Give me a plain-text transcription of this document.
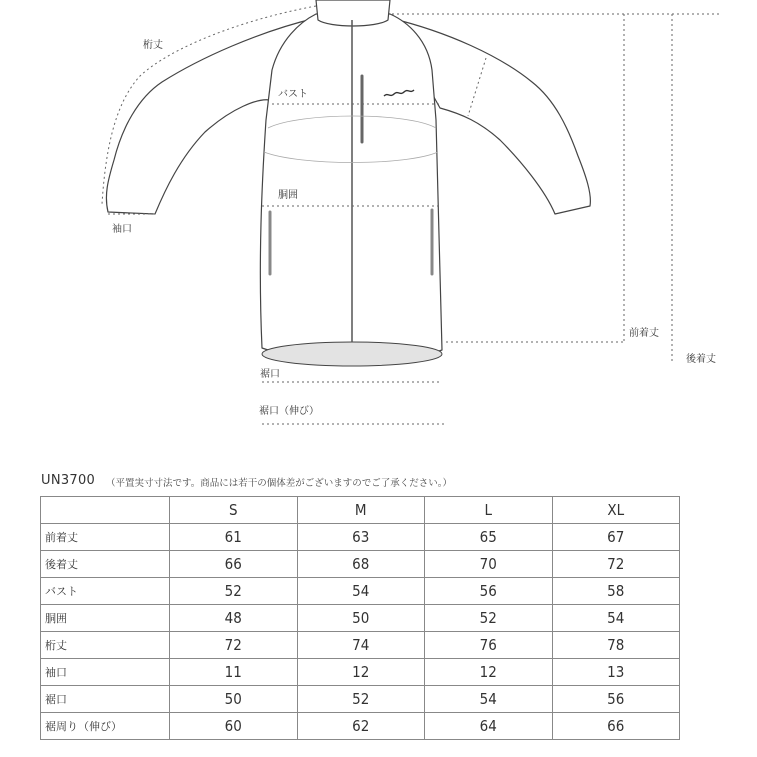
桁丈
バスト
胴囲
袖口
裾口
裾口（伸び）
前着丈
後着丈
UN3700 （平置実寸寸法です。商品には若干の個体差がございますのでご了承ください。）
	S	M	L	XL
前着丈	61	63	65	67
後着丈	66	68	70	72
バスト	52	54	56	58
胴囲	48	50	52	54
桁丈	72	74	76	78
袖口	11	12	12	13
裾口	50	52	54	56
裾周り（伸び）	60	62	64	66
